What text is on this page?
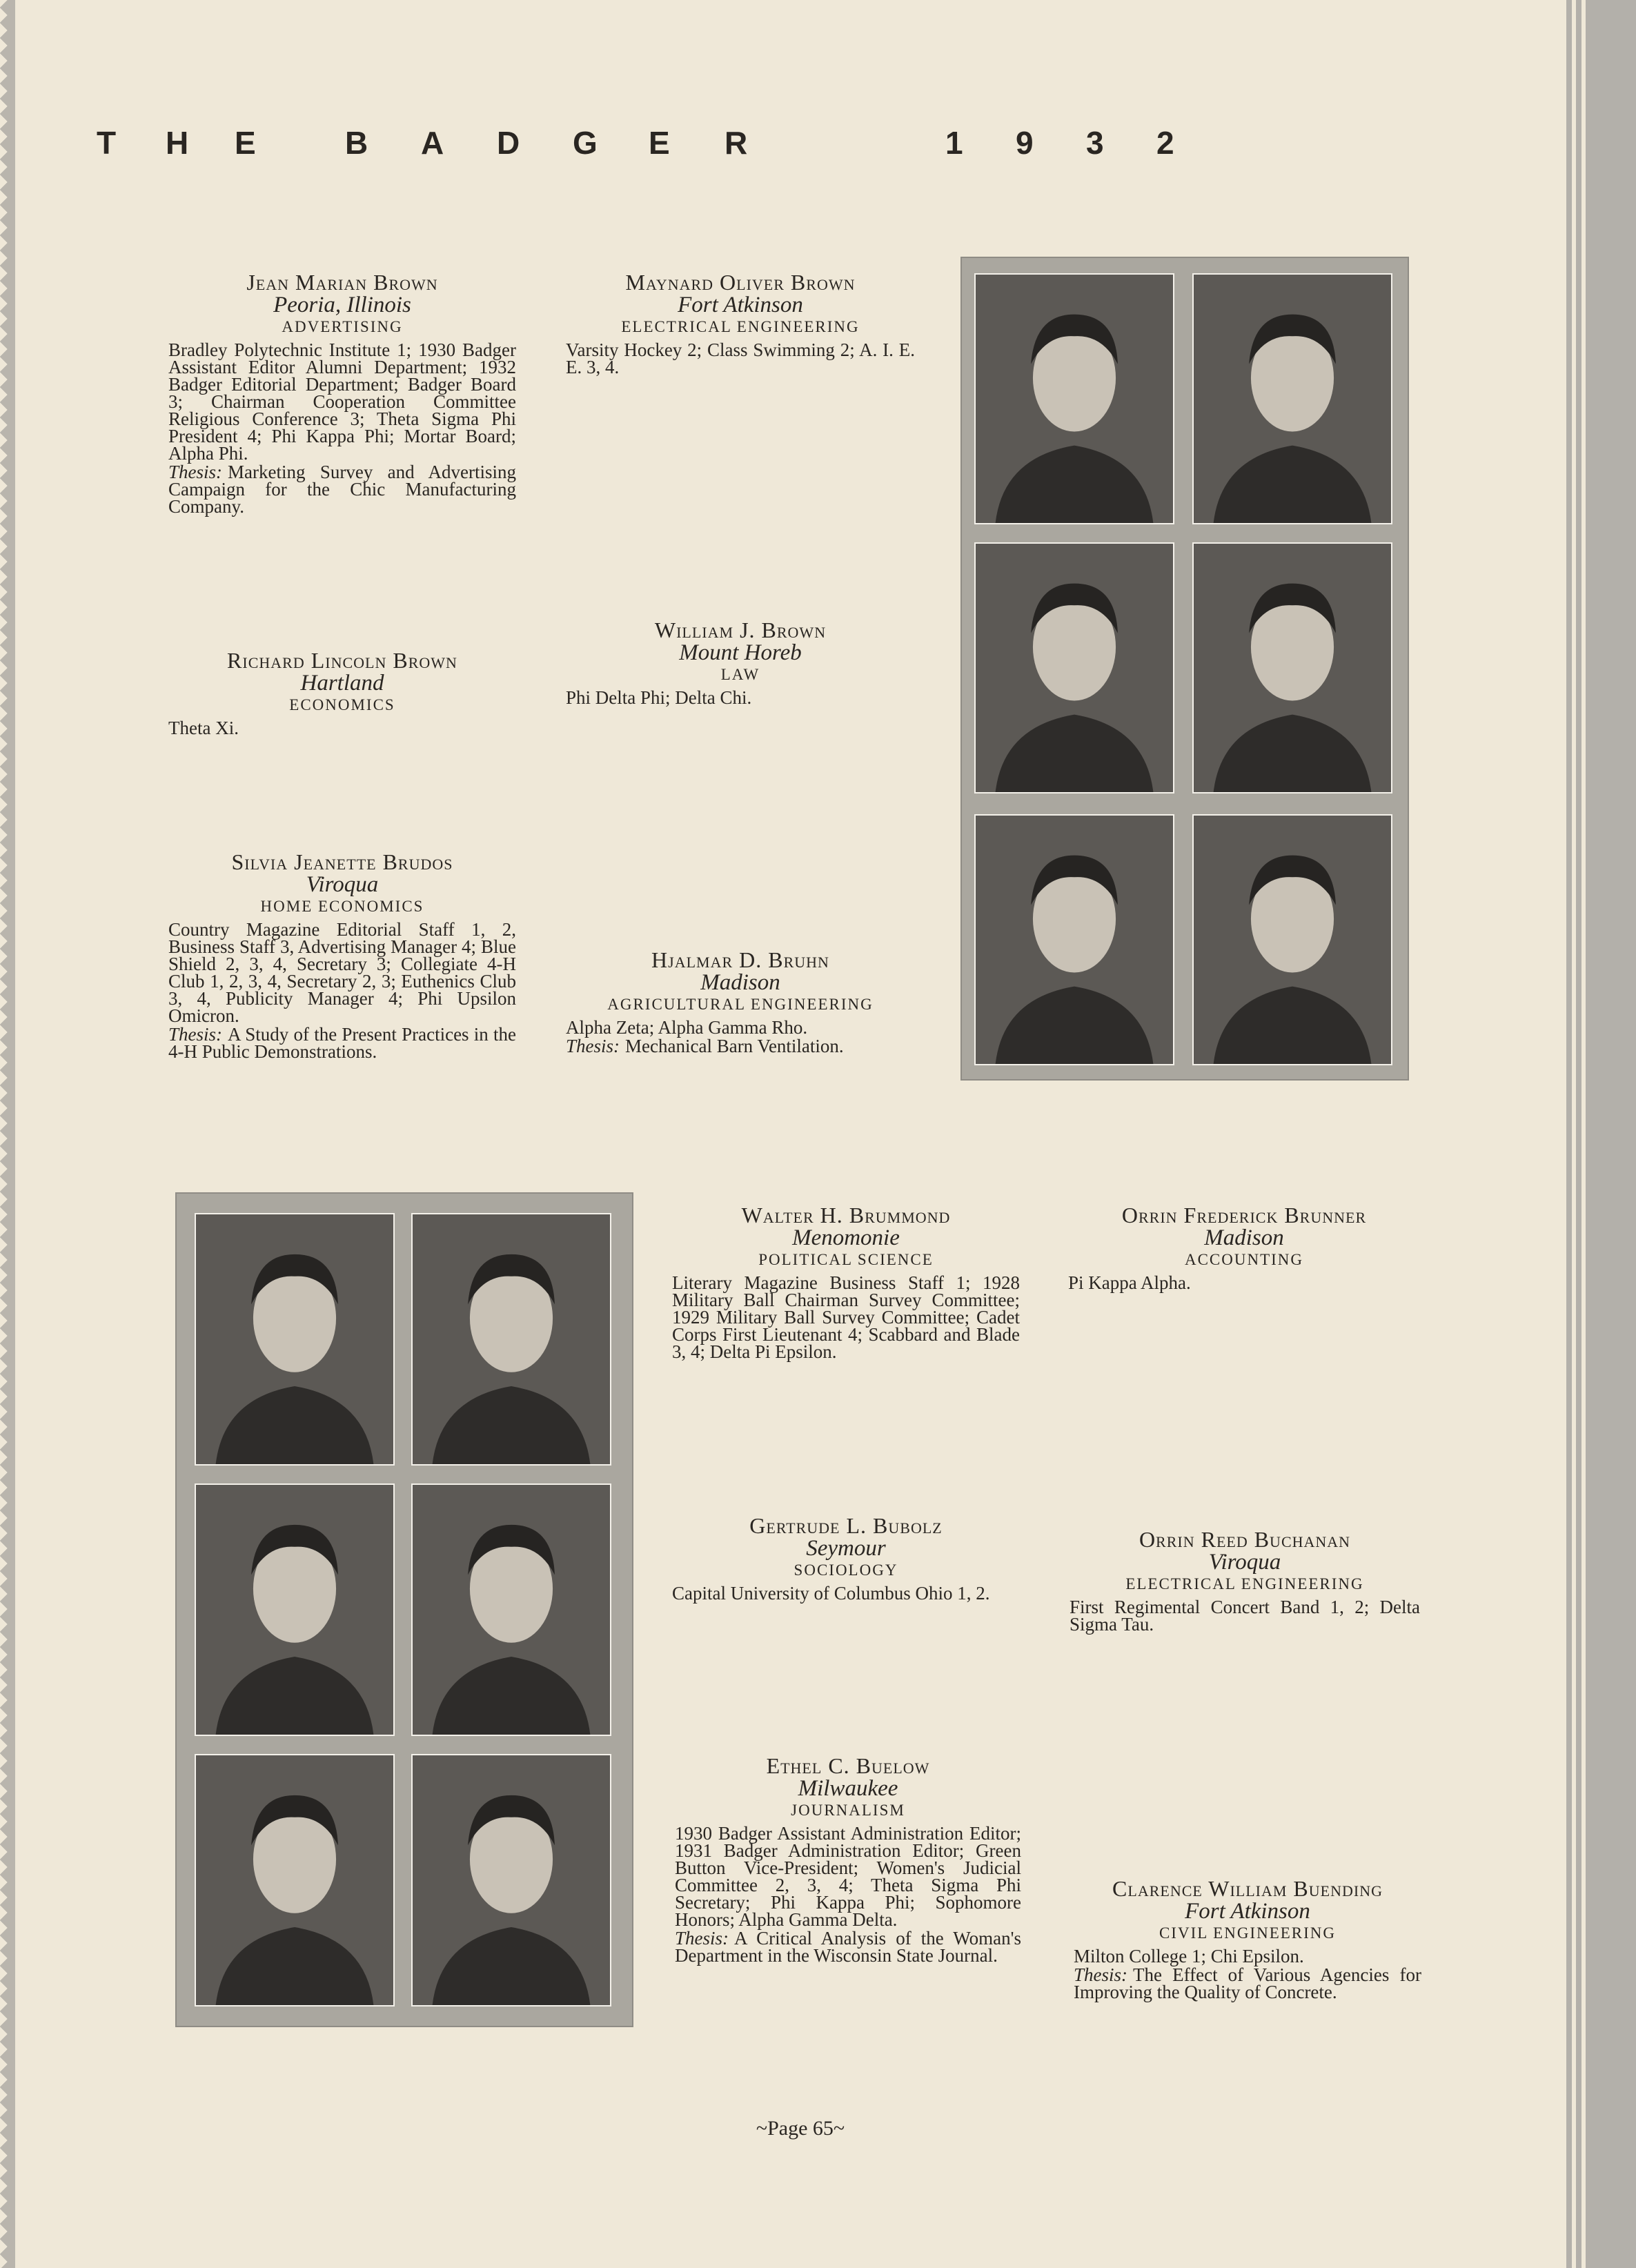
T	H	E	B	A	D	G	E	R	1	9	3	2
Jean Marian Brown
Peoria, Illinois
ADVERTISING
Bradley Polytechnic Institute 1; 1930 Badger Assistant Editor Alumni Department; 1932 Badger Editorial Department; Badger Board 3; Chairman Cooperation Committee Religious Conference 3; Theta Sigma Phi President 4; Phi Kappa Phi; Mortar Board; Alpha Phi.
Thesis: Marketing Survey and Advertising Campaign for the Chic Manufacturing Company.
Maynard Oliver Brown
Fort Atkinson
ELECTRICAL ENGINEERING
Varsity Hockey 2; Class Swimming 2; A. I. E. E. 3, 4.
Richard Lincoln Brown
Hartland
ECONOMICS
Theta Xi.
William J. Brown
Mount Horeb
LAW
Phi Delta Phi; Delta Chi.
Silvia Jeanette Brudos
Viroqua
HOME ECONOMICS
Country Magazine Editorial Staff 1, 2, Business Staff 3, Advertising Manager 4; Blue Shield 2, 3, 4, Secretary 3; Collegiate 4-H Club 1, 2, 3, 4, Secretary 2, 3; Euthenics Club 3, 4, Publicity Manager 4; Phi Upsilon Omicron.
Thesis: A Study of the Present Practices in the 4-H Public Demonstrations.
Hjalmar D. Bruhn
Madison
AGRICULTURAL ENGINEERING
Alpha Zeta; Alpha Gamma Rho.
Thesis: Mechanical Barn Ventilation.
Walter H. Brummond
Menomonie
POLITICAL SCIENCE
Literary Magazine Business Staff 1; 1928 Military Ball Chairman Survey Committee; 1929 Military Ball Survey Committee; Cadet Corps First Lieutenant 4; Scabbard and Blade 3, 4; Delta Pi Epsilon.
Orrin Frederick Brunner
Madison
ACCOUNTING
Pi Kappa Alpha.
Gertrude L. Bubolz
Seymour
SOCIOLOGY
Capital University of Columbus Ohio 1, 2.
Orrin Reed Buchanan
Viroqua
ELECTRICAL ENGINEERING
First Regimental Concert Band 1, 2; Delta Sigma Tau.
Ethel C. Buelow
Milwaukee
JOURNALISM
1930 Badger Assistant Administration Editor; 1931 Badger Administration Editor; Green Button Vice-President; Women's Judicial Committee 2, 3, 4; Theta Sigma Phi Secretary; Phi Kappa Phi; Sophomore Honors; Alpha Gamma Delta.
Thesis: A Critical Analysis of the Woman's Department in the Wisconsin State Journal.
Clarence William Buending
Fort Atkinson
CIVIL ENGINEERING
Milton College 1; Chi Epsilon.
Thesis: The Effect of Various Agencies for Improving the Quality of Concrete.
~Page 65~
